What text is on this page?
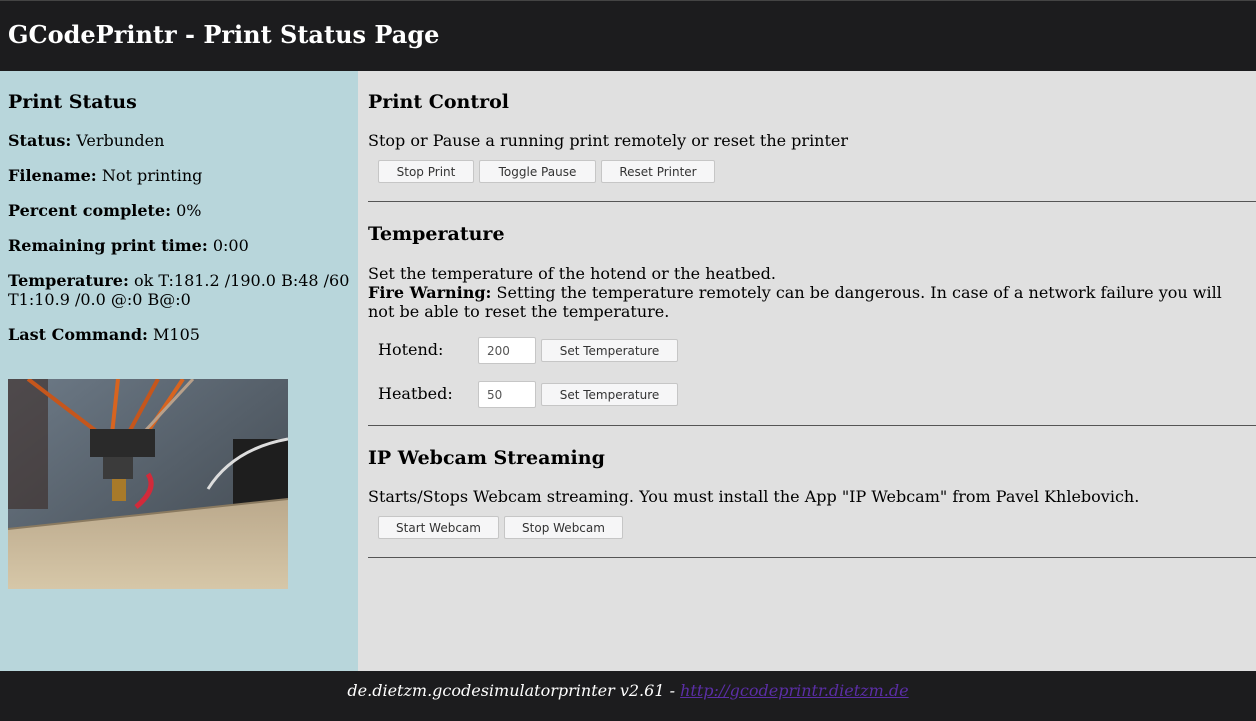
GCodePrintr - Print Status Page
Print Status
Status: Verbunden
Filename: Not printing
Percent complete: 0%
Remaining print time: 0:00
Temperature: ok T:181.2 /190.0 B:48 /60 T1:10.9 /0.0 @:0 B@:0
Last Command: M105
Print Control

Stop or Pause a running print remotely or reset the printer

Stop Print	Toggle Pause	Reset Printer
Temperature

Set the temperature of the hotend or the heatbed.

Fire Warning: Setting the temperature remotely can be dangerous. In case of a network failure you will not be able to reset the temperature.

Hotend:
200	Set Temperature
Heatbed:
50	Set Temperature
IP Webcam Streaming

Starts/Stops Webcam streaming. You must install the App "IP Webcam" from Pavel Khlebovich.

Start Webcam	Stop Webcam
de.dietzm.gcodesimulatorprinter v2.61 - http://gcodeprintr.dietzm.de
